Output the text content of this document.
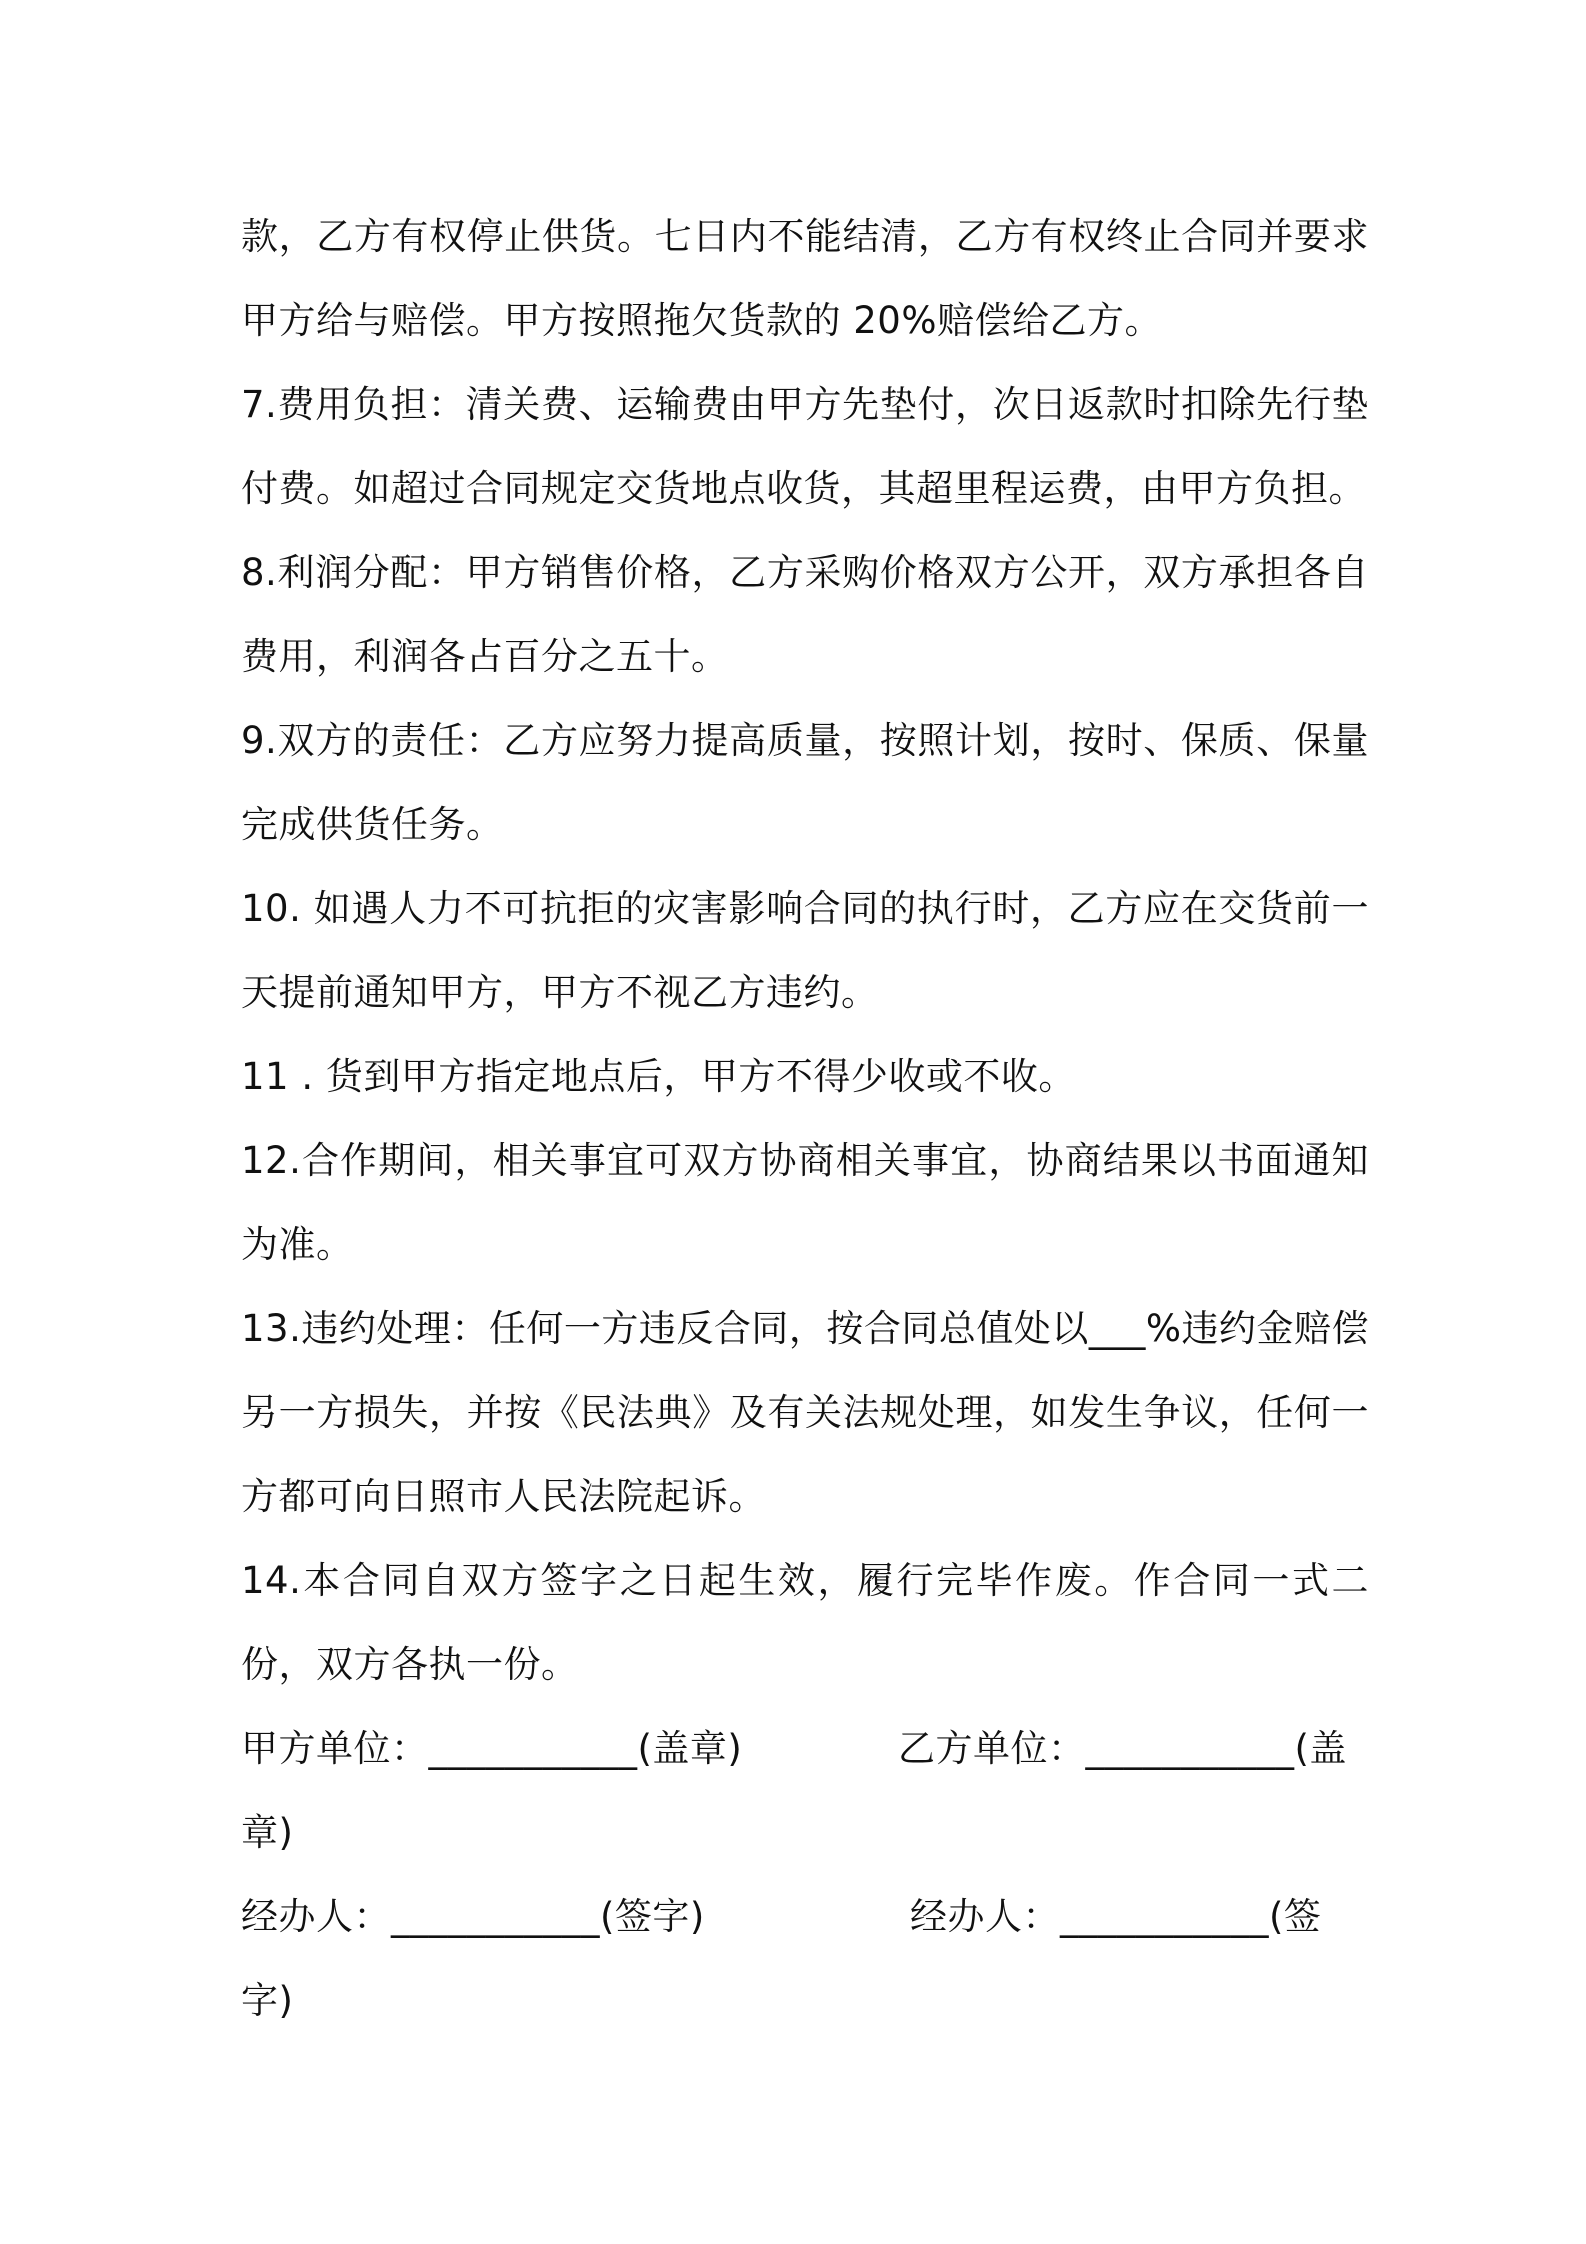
款，乙方有权停止供货。七日内不能结清，乙方有权终止合同并要求甲方给与赔偿。甲方按照拖欠货款的 20%赔偿给乙方。

7.费用负担：清关费、运输费由甲方先垫付，次日返款时扣除先行垫付费。如超过合同规定交货地点收货，其超里程运费，由甲方负担。

8.利润分配：甲方销售价格，乙方采购价格双方公开，双方承担各自费用，利润各占百分之五十。

9.双方的责任：乙方应努力提高质量，按照计划，按时、保质、保量完成供货任务。

10. 如遇人力不可抗拒的灾害影响合同的执行时，乙方应在交货前一天提前通知甲方，甲方不视乙方违约。

11 . 货到甲方指定地点后，甲方不得少收或不收。

12.合作期间，相关事宜可双方协商相关事宜，协商结果以书面通知为准。

13.违约处理：任何一方违反合同，按合同总值处以___%违约金赔偿另一方损失，并按《民法典》及有关法规处理，如发生争议，任何一方都可向日照市人民法院起诉。

14.本合同自双方签字之日起生效，履行完毕作废。作合同一式二份，双方各执一份。

甲方单位：___________(盖章)	乙方单位：___________(盖
章)
经办人：___________(签字)	经办人：___________(签
字)
